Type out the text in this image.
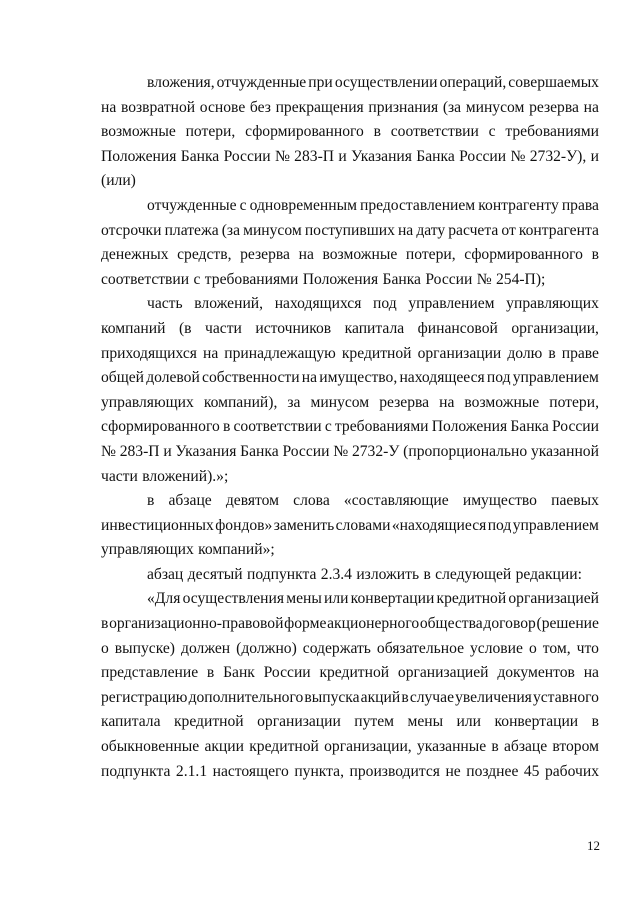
вложения, отчужденные при осуществлении операций, совершаемых
на возвратной основе без прекращения признания (за минусом резерва на
возможные потери, сформированного в соответствии с требованиями
Положения Банка России № 283-П и Указания Банка России № 2732-У), и
(или)
отчужденные с одновременным предоставлением контрагенту права
отсрочки платежа (за минусом поступивших на дату расчета от контрагента
денежных средств, резерва на возможные потери, сформированного в
соответствии с требованиями Положения Банка России № 254-П);
часть вложений, находящихся под управлением управляющих
компаний (в части источников капитала финансовой организации,
приходящихся на принадлежащую кредитной организации долю в праве
общей долевой собственности на имущество, находящееся под управлением
управляющих компаний), за минусом резерва на возможные потери,
сформированного в соответствии с требованиями Положения Банка России
№ 283-П и Указания Банка России № 2732-У (пропорционально указанной
части вложений).»;
в абзаце девятом слова «составляющие имущество паевых
инвестиционных фондов» заменить словами «находящиеся под управлением
управляющих компаний»;
абзац десятый подпункта 2.3.4 изложить в следующей редакции:
«Для осуществления мены или конвертации кредитной организацией
в организационно-правовой форме акционерного общества договор (решение
о выпуске) должен (должно) содержать обязательное условие о том, что
представление в Банк России кредитной организацией документов на
регистрацию дополнительного выпуска акций в случае увеличения уставного
капитала кредитной организации путем мены или конвертации в
обыкновенные акции кредитной организации, указанные в абзаце втором
подпункта 2.1.1 настоящего пункта, производится не позднее 45 рабочих
12
